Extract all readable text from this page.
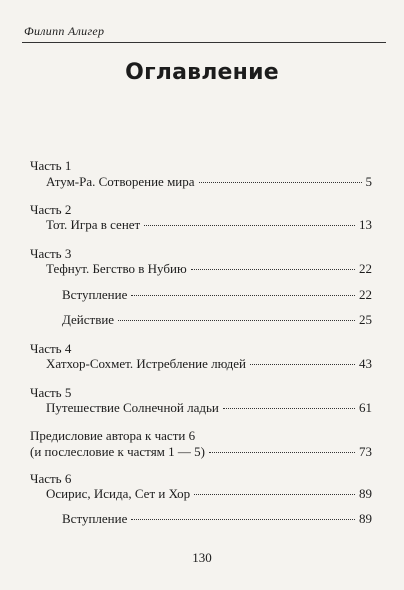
Филипп Алигер
Оглавление
Часть 1
Атум-Ра. Сотворение мира	5
Часть 2
Тот. Игра в сенет	13
Часть 3
Тефнут. Бегство в Нубию	22
Вступление	22
Действие	25
Часть 4
Хатхор-Сохмет. Истребление людей	43
Часть 5
Путешествие Солнечной ладьи	61
Предисловие автора к части 6
(и послесловие к частям 1 — 5)	73
Часть 6
Осирис, Исида, Сет и Хор	89
Вступление	89
130
